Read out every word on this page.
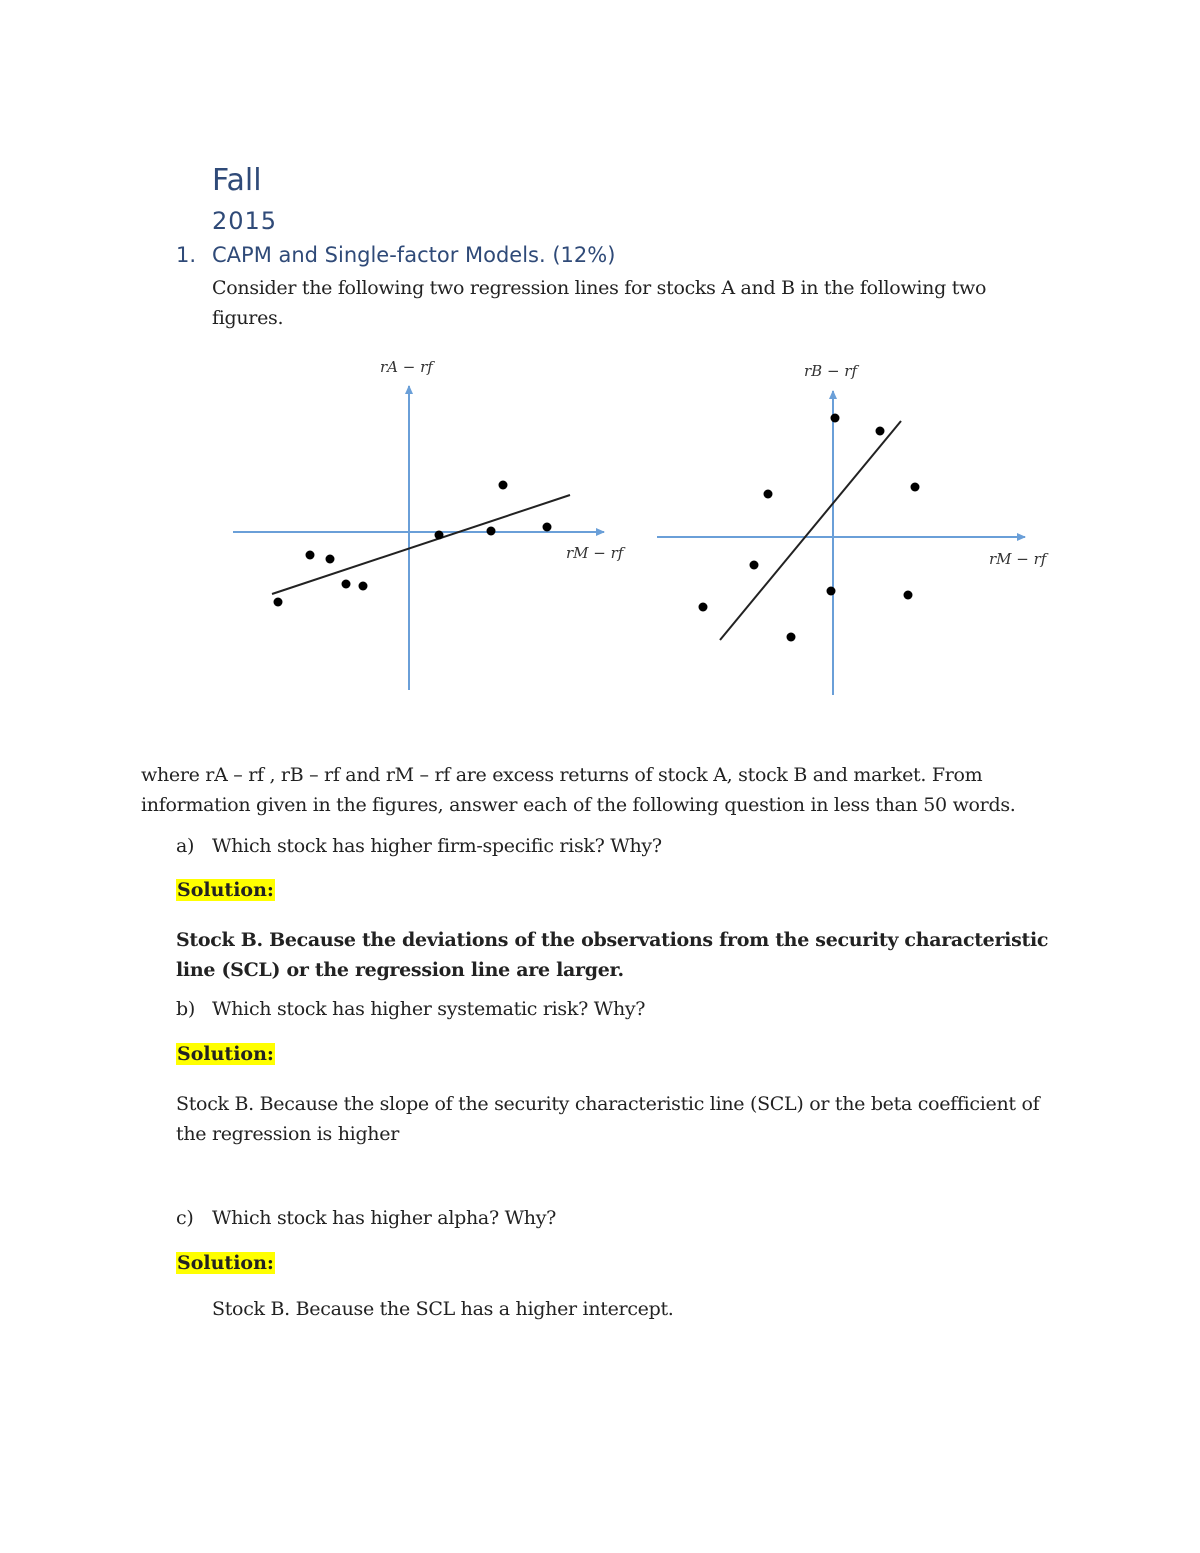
Fall
2015
1. CAPM and Single-factor Models. (12%)
Consider the following two regression lines for stocks A and B in the following two figures.
rA − rf
rM − rf
rB − rf
rM − rf
where rA – rf , rB – rf and rM – rf are excess returns of stock A, stock B and market. From information given in the figures, answer each of the following question in less than 50 words.
a) Which stock has higher firm-specific risk? Why?
Solution:
Stock B. Because the deviations of the observations from the security characteristic line (SCL) or the regression line are larger.
b) Which stock has higher systematic risk? Why?
Solution:
Stock B. Because the slope of the security characteristic line (SCL) or the beta coefficient of the regression is higher
c) Which stock has higher alpha? Why?
Solution:
Stock B. Because the SCL has a higher intercept.
